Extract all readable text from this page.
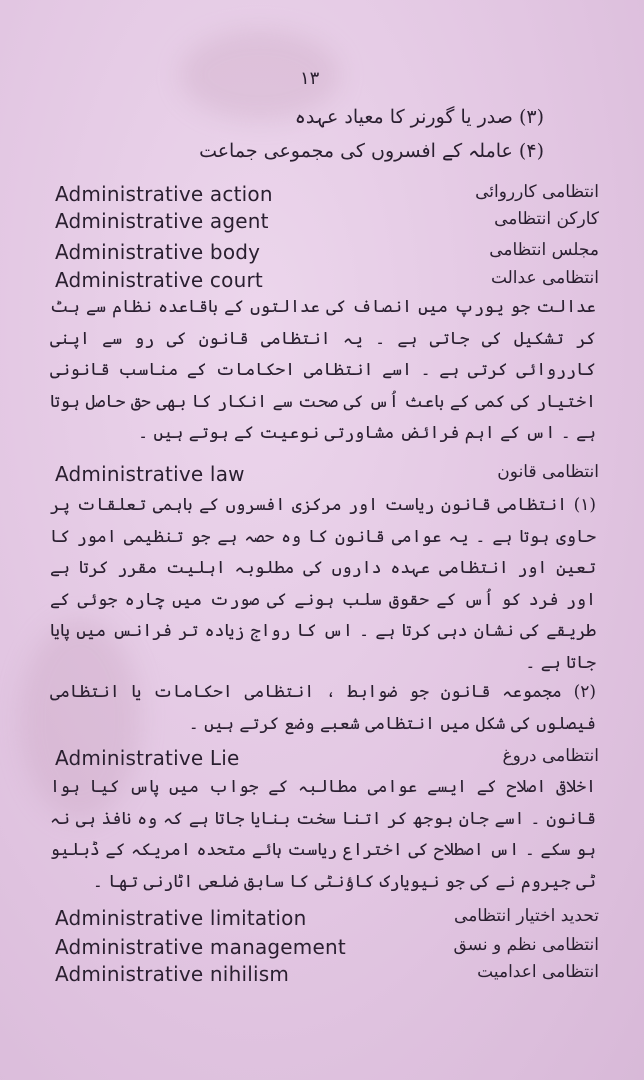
۱۳
(۳) صدر یا گورنر کا معیاد عہدہ
(۴) عاملہ کے افسروں کی مجموعی جماعت
Administrative action	انتظامی کارروائی
Administrative agent	کارکن انتظامی
Administrative body	مجلس انتظامی
Administrative court	انتظامی عدالت
عدالت جو یورپ میں انصاف کی عدالتوں کے باقاعدہ نظام سے ہٹ کر تشکیل کی جاتی ہے ۔ یہ انتظامی قانون کی رو سے اپنی کارروائی کرتی ہے ۔ اسے انتظامی احکامات کے مناسب قانونی اختیار کی کمی کے باعث اُس کی صحت سے انکار کا بھی حق حاصل ہوتا ہے ۔ اس کے اہم فرائض مشاورتی نوعیت کے ہوتے ہیں ۔
Administrative law	انتظامی قانون
(۱) انتظامی قانون ریاست اور مرکزی افسروں کے باہمی تعلقات پر حاوی ہوتا ہے ۔ یہ عوامی قانون کا وہ حصہ ہے جو تنظیمی امور کا تعین اور انتظامی عہدہ داروں کی مطلوبہ اہلیت مقرر کرتا ہے اور فرد کو اُس کے حقوق سلب ہونے کی صورت میں چارہ جوئی کے طریقے کی نشان دہی کرتا ہے ۔ اس کا رواج زیادہ تر فرانس میں پایا جاتا ہے ۔
(۲) مجموعہ قانون جو ضوابط ، انتظامی احکامات یا انتظامی فیصلوں کی شکل میں انتظامی شعبے وضع کرتے ہیں ۔
Administrative Lie	انتظامی دروغ
اخلاقی اصلاح کے ایسے عوامی مطالبہ کے جواب میں پاس کیا ہوا قانون ۔ اسے جان بوجھ کر اتنا سخت بنایا جاتا ہے کہ وہ نافذ ہی نہ ہو سکے ۔ اس اصطلاح کی اختراع ریاست ہائے متحدہ امریکہ کے ڈبلیو ٹی جیروم نے کی جو نیویارک کاؤنٹی کا سابق ضلعی اٹارنی تھا ۔
Administrative limitation	تحدید اختیار انتظامی
Administrative management	انتظامی نظم و نسق
Administrative nihilism	انتظامی اعدامیت
